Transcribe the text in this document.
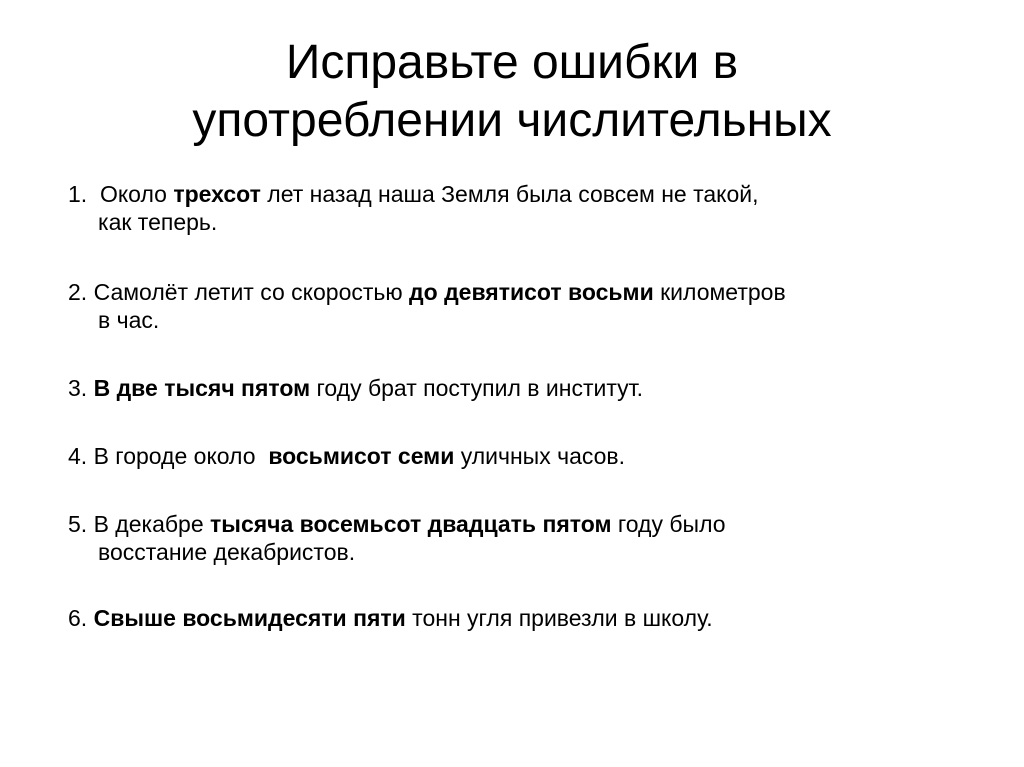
Исправьте ошибки в
употреблении числительных
1.  Около трехсот лет назад наша Земля была совсем не такой,
как теперь.
2. Самолёт летит со скоростью до девятисот восьми километров
в час.
3. В две тысяч пятом году брат поступил в институт.
4. В городе около  восьмисот семи уличных часов.
5. В декабре тысяча восемьсот двадцать пятом году было
восстание декабристов.
6. Свыше восьмидесяти пяти тонн угля привезли в школу.
